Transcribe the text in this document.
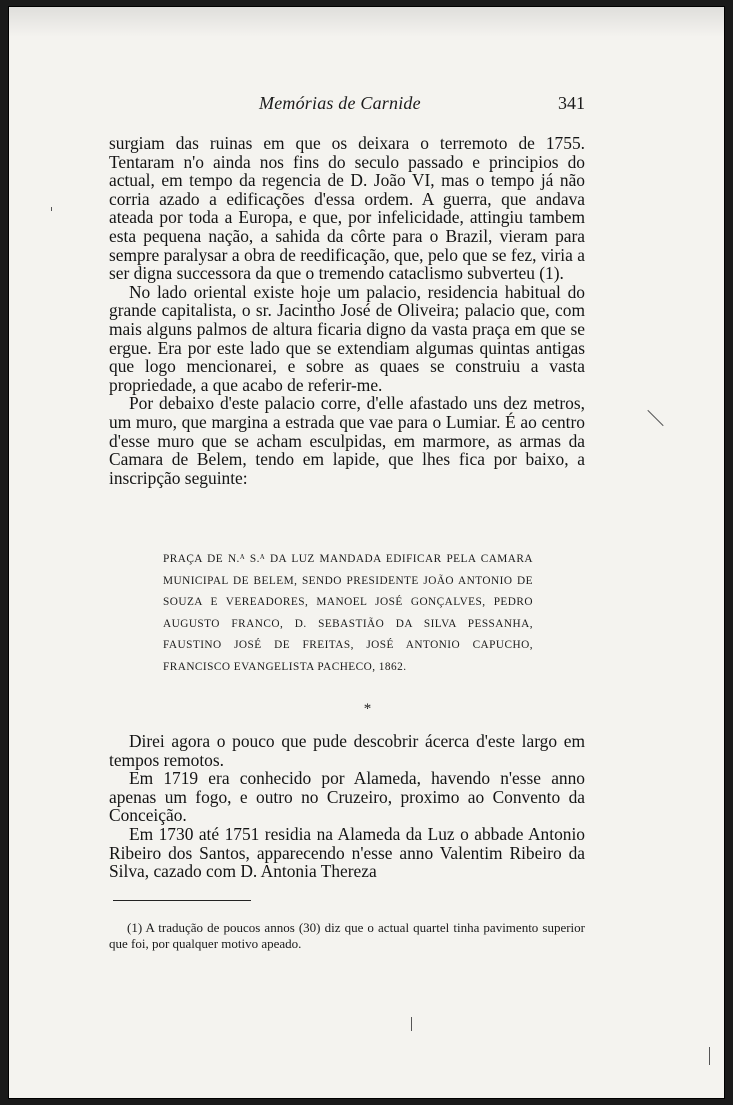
Memórias de Carnide	341

surgiam das ruinas em que os deixara o terremoto de 1755. Tentaram n'o ainda nos fins do seculo passado e principios do actual, em tempo da regencia de D. João VI, mas o tempo já não corria azado a edificações d'essa ordem. A guerra, que andava ateada por toda a Europa, e que, por infelicidade, attingiu tambem esta pequena nação, a sahida da côrte para o Brazil, vieram para sempre paralysar a obra de reedificação, que, pelo que se fez, viria a ser digna successora da que o tremendo cataclismo subverteu (1).

No lado oriental existe hoje um palacio, residencia habitual do grande capitalista, o sr. Jacintho José de Oliveira; palacio que, com mais alguns palmos de altura ficaria digno da vasta praça em que se ergue. Era por este lado que se extendiam algumas quintas antigas que logo mencionarei, e sobre as quaes se construiu a vasta propriedade, a que acabo de referir-me.

Por debaixo d'este palacio corre, d'elle afastado uns dez metros, um muro, que margina a estrada que vae para o Lumiar. É ao centro d'esse muro que se acham esculpidas, em marmore, as armas da Camara de Belem, tendo em lapide, que lhes fica por baixo, a inscripção seguinte:

PRAÇA DE N.ᴬ S.ᴬ DA LUZ MANDADA EDIFICAR PELA CAMARA MUNICIPAL DE BELEM, SENDO PRESIDENTE JOÃO ANTONIO DE SOUZA E VEREADORES, MANOEL JOSÉ GONÇALVES, PEDRO AUGUSTO FRANCO, D. SEBASTIÃO DA SILVA PESSANHA, FAUSTINO JOSÉ DE FREITAS, JOSÉ ANTONIO CAPUCHO, FRANCISCO EVANGELISTA PACHECO, 1862.
*

Direi agora o pouco que pude descobrir ácerca d'este largo em tempos remotos.

Em 1719 era conhecido por Alameda, havendo n'esse anno apenas um fogo, e outro no Cruzeiro, proximo ao Convento da Conceição.

Em 1730 até 1751 residia na Alameda da Luz o abbade Antonio Ribeiro dos Santos, apparecendo n'esse anno Valentim Ribeiro da Silva, cazado com D. Antonia Thereza

(1) A tradução de poucos annos (30) diz que o actual quartel tinha pavimento superior que foi, por qualquer motivo apeado.
